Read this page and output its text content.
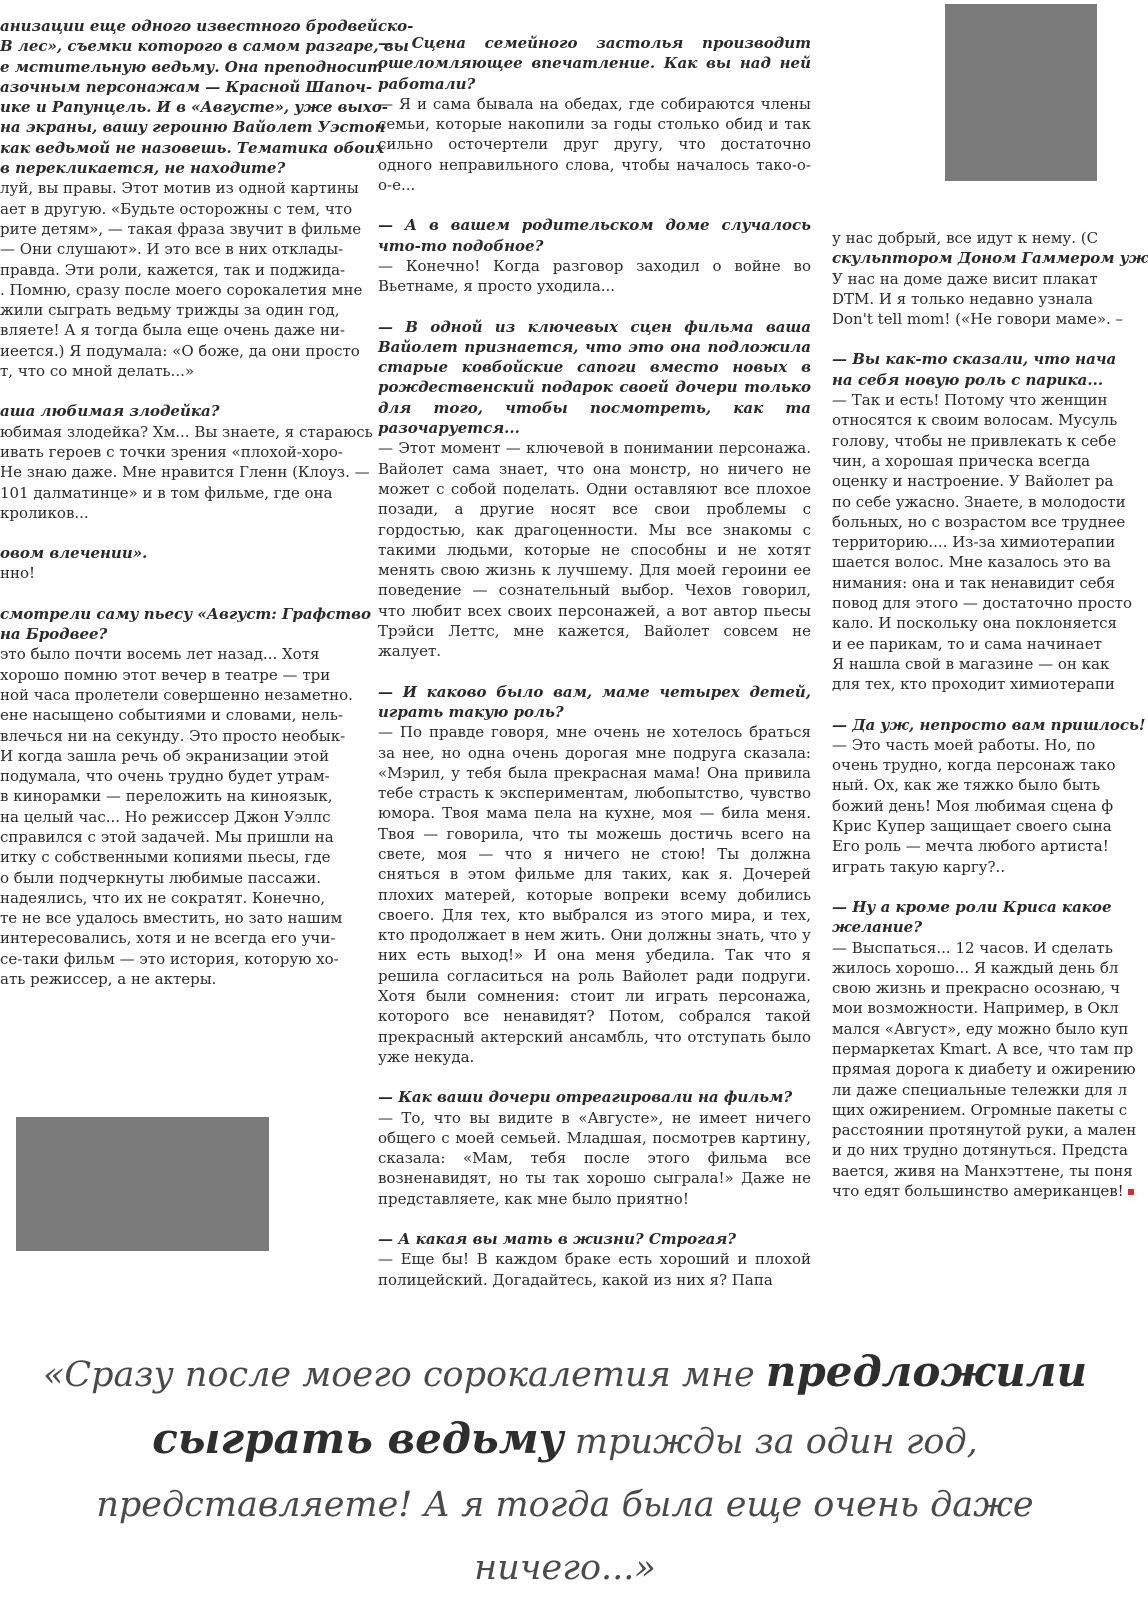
анизации еще одного известного бродвейско-

В лес», съемки которого в самом разгаре, вы

е мстительную ведьму. Она преподносит

азочным персонажам — Красной Шапоч-

ике и Рапунцель. И в «Августе», уже выхо-

на экраны, вашу героиню Вайолет Уэстон

как ведьмой не назовешь. Тематика обоих

в перекликается, не находите?

луй, вы правы. Этот мотив из одной картины

ает в другую. «Будьте осторожны с тем, что

рите детям», — такая фраза звучит в фильме

— Они слушают». И это все в них отклады-

правда. Эти роли, кажется, так и поджида-

. Помню, сразу после моего сорокалетия мне

жили сыграть ведьму трижды за один год,

вляете! А я тогда была еще очень даже ни-

иеется.) Я подумала: «О боже, да они просто

т, что со мной делать...»

аша любимая злодейка?

юбимая злодейка? Хм... Вы знаете, я стараюсь

ивать героев с точки зрения «плохой-хоро-

Не знаю даже. Мне нравится Гленн (Клоуз. —

101 далматинце» и в том фильме, где она

кроликов...

овом влечении».

нно!

смотрели саму пьесу «Август: Графство

на Бродвее?

это было почти восемь лет назад... Хотя

хорошо помню этот вечер в театре — три

ной часа пролетели совершенно незаметно.

ене насыщено событиями и словами, нель-

влечься ни на секунду. Это просто необык-

И когда зашла речь об экранизации этой

подумала, что очень трудно будет утрам-

в кинорамки — переложить на киноязык,

на целый час... Но режиссер Джон Уэллс

справился с этой задачей. Мы пришли на

итку с собственными копиями пьесы, где

о были подчеркнуты любимые пассажи.

надеялись, что их не сократят. Конечно,

те не все удалось вместить, но зато нашим

интересовались, хотя и не всегда его учи-

се-таки фильм — это история, которую хо-

ать режиссер, а не актеры.

— Сцена семейного застолья производит ошеломляющее впечатление. Как вы над ней работали?

— Я и сама бывала на обедах, где собираются члены семьи, которые накопили за годы столько обид и так сильно осточертели друг другу, что достаточно одного неправильного слова, чтобы началось тако-о-о-е...

— А в вашем родительском доме случалось что-то подобное?

— Конечно! Когда разговор заходил о войне во Вьетнаме, я просто уходила...

— В одной из ключевых сцен фильма ваша Вайолет признается, что это она подложила старые ковбойские сапоги вместо новых в рождественский подарок своей дочери только для того, чтобы посмотреть, как та разочаруется...

— Этот момент — ключевой в понимании персонажа. Вайолет сама знает, что она монстр, но ничего не может с собой поделать. Одни оставляют все плохое позади, а другие носят все свои проблемы с гордостью, как драгоценности. Мы все знакомы с такими людьми, которые не способны и не хотят менять свою жизнь к лучшему. Для моей героини ее поведение — сознательный выбор. Чехов говорил, что любит всех своих персонажей, а вот автор пьесы Трэйси Леттс, мне кажется, Вайолет совсем не жалует.

— И каково было вам, маме четырех детей, играть такую роль?

— По правде говоря, мне очень не хотелось браться за нее, но одна очень дорогая мне подруга сказала: «Мэрил, у тебя была прекрасная мама! Она привила тебе страсть к экспериментам, любопытство, чувство юмора. Твоя мама пела на кухне, моя — била меня. Твоя — говорила, что ты можешь достичь всего на свете, моя — что я ничего не стою! Ты должна сняться в этом фильме для таких, как я. Дочерей плохих матерей, которые вопреки всему добились своего. Для тех, кто выбрался из этого мира, и тех, кто продолжает в нем жить. Они должны знать, что у них есть выход!» И она меня убедила. Так что я решила согласиться на роль Вайолет ради подруги. Хотя были сомнения: стоит ли играть персонажа, которого все ненавидят? Потом, собрался такой прекрасный актерский ансамбль, что отступать было уже некуда.

— Как ваши дочери отреагировали на фильм?

— То, что вы видите в «Августе», не имеет ничего общего с моей семьей. Младшая, посмотрев картину, сказала: «Мам, тебя после этого фильма все возненавидят, но ты так хорошо сыграла!» Даже не представляете, как мне было приятно!

— А какая вы мать в жизни? Строгая?

— Еще бы! В каждом браке есть хороший и плохой полицейский. Догадайтесь, какой из них я? Папа

у нас добрый, все идут к нему. (С

скульптором Доном Гаммером уж

У нас на доме даже висит плакат

DTM. И я только недавно узнала

Don't tell mom! («Не говори маме». –

— Вы как-то сказали, что нача

на себя новую роль с парика...

— Так и есть! Потому что женщин

относятся к своим волосам. Мусуль

голову, чтобы не привлекать к себе

чин, а хорошая прическа всегда

оценку и настроение. У Вайолет ра

по себе ужасно. Знаете, в молодости

больных, но с возрастом все труднее

территорию.... Из-за химиотерапии

шается волос. Мне казалось это ва

нимания: она и так ненавидит себя

повод для этого — достаточно просто

кало. И поскольку она поклоняется

и ее парикам, то и сама начинает

Я нашла свой в магазине — он как

для тех, кто проходит химиотерапи

— Да уж, непросто вам пришлось!

— Это часть моей работы. Но, по

очень трудно, когда персонаж тако

ный. Ох, как же тяжко было быть

божий день! Моя любимая сцена ф

Крис Купер защищает своего сына

Его роль — мечта любого артиста!

играть такую каргу?..

— Ну а кроме роли Криса какое

желание?

— Выспаться... 12 часов. И сделать

жилось хорошо... Я каждый день бл

свою жизнь и прекрасно осознаю, ч

мои возможности. Например, в Окл

мался «Август», еду можно было куп

пермаркетах Kmart. А все, что там пр

прямая дорога к диабету и ожирению

ли даже специальные тележки для л

щих ожирением. Огромные пакеты с

расстоянии протянутой руки, а мален

и до них трудно дотянуться. Предста

вается, живя на Манхэттене, ты поня

что едят большинство американцев!

«Сразу после моего сорокалетия мне предложили
сыграть ведьму трижды за один год,
представляете! А я тогда была еще очень даже
ничего...»
